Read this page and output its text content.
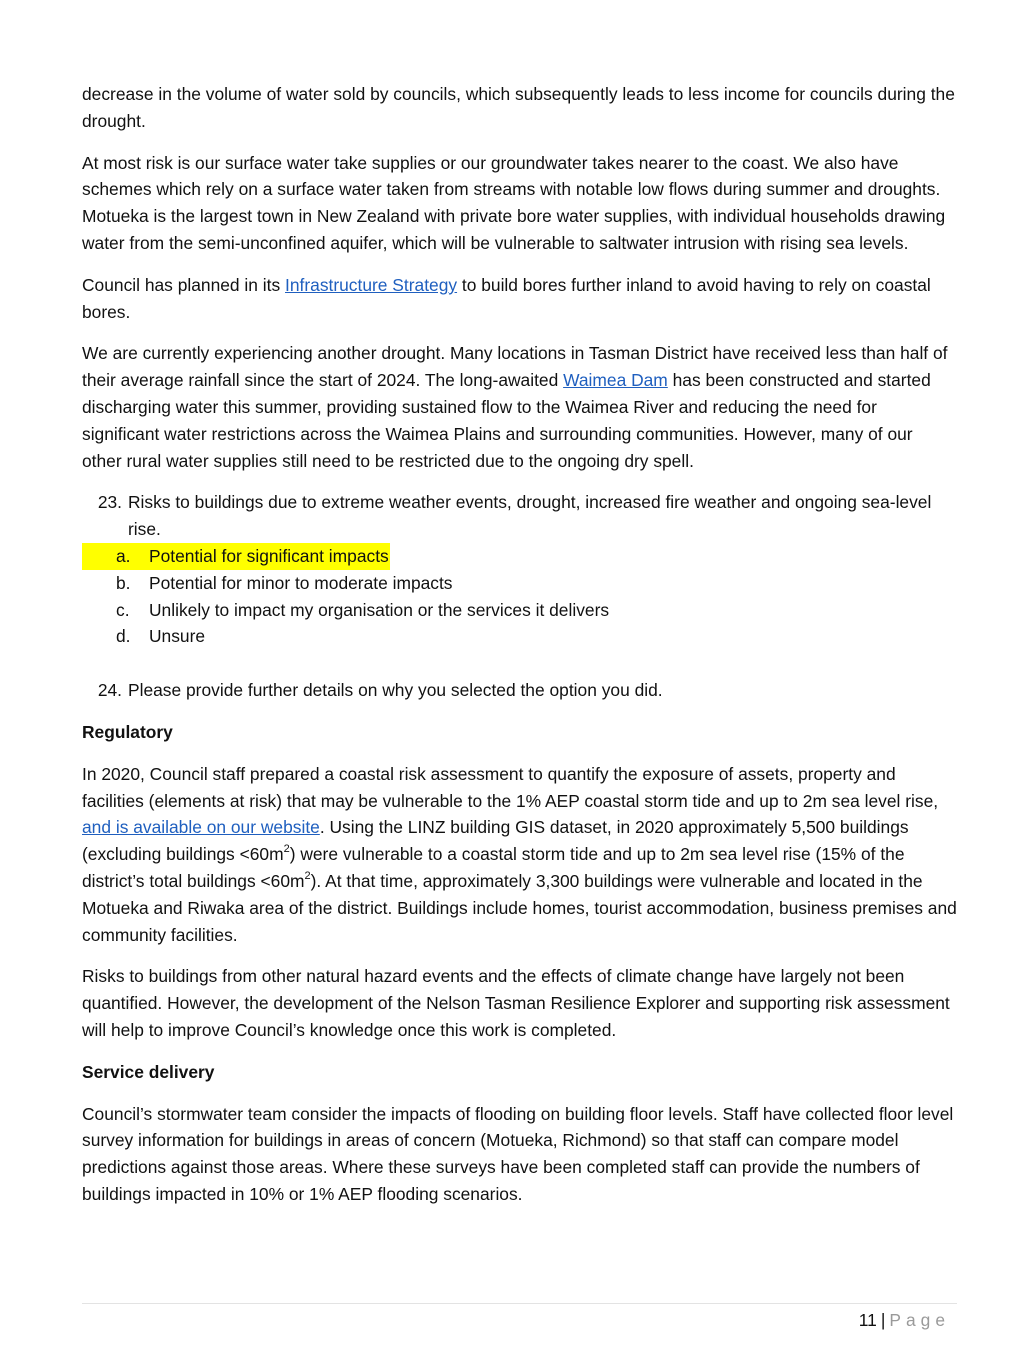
decrease in the volume of water sold by councils, which subsequently leads to less income for councils during the drought.

At most risk is our surface water take supplies or our groundwater takes nearer to the coast. We also have schemes which rely on a surface water taken from streams with notable low flows during summer and droughts. Motueka is the largest town in New Zealand with private bore water supplies, with individual households drawing water from the semi-unconfined aquifer, which will be vulnerable to saltwater intrusion with rising sea levels.

Council has planned in its Infrastructure Strategy to build bores further inland to avoid having to rely on coastal bores.

We are currently experiencing another drought. Many locations in Tasman District have received less than half of their average rainfall since the start of 2024. The long-awaited Waimea Dam has been constructed and started discharging water this summer, providing sustained flow to the Waimea River and reducing the need for significant water restrictions across the Waimea Plains and surrounding communities. However, many of our other rural water supplies still need to be restricted due to the ongoing dry spell.

23. Risks to buildings due to extreme weather events, drought, increased fire weather and ongoing sea-level rise.
a.	Potential for significant impacts
b.	Potential for minor to moderate impacts
c.	Unlikely to impact my organisation or the services it delivers
d.	Unsure
24. Please provide further details on why you selected the option you did.
Regulatory

In 2020, Council staff prepared a coastal risk assessment to quantify the exposure of assets, property and facilities (elements at risk) that may be vulnerable to the 1% AEP coastal storm tide and up to 2m sea level rise, and is available on our website. Using the LINZ building GIS dataset, in 2020 approximately 5,500 buildings (excluding buildings $<60m^2$) were vulnerable to a coastal storm tide and up to 2m sea level rise (15% of the district’s total buildings $<60m^2$). At that time, approximately 3,300 buildings were vulnerable and located in the Motueka and Riwaka area of the district. Buildings include homes, tourist accommodation, business premises and community facilities.

Risks to buildings from other natural hazard events and the effects of climate change have largely not been quantified. However, the development of the Nelson Tasman Resilience Explorer and supporting risk assessment will help to improve Council’s knowledge once this work is completed.

Service delivery

Council’s stormwater team consider the impacts of flooding on building floor levels. Staff have collected floor level survey information for buildings in areas of concern (Motueka, Richmond) so that staff can compare model predictions against those areas. Where these surveys have been completed staff can provide the numbers of buildings impacted in 10% or 1% AEP flooding scenarios.

11 | Page
